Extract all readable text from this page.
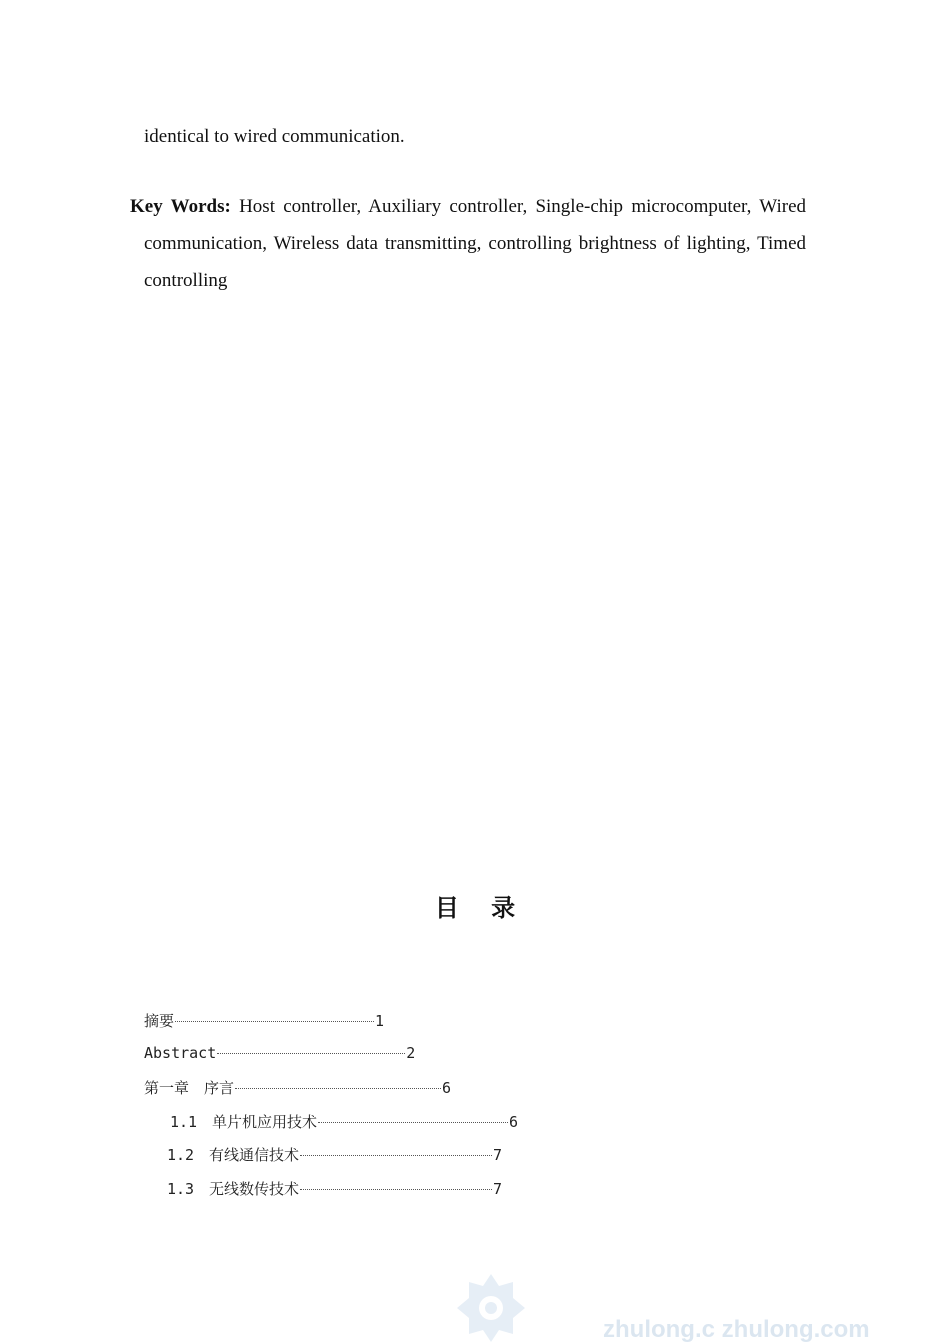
identical to wired communication.

Key Words: Host controller, Auxiliary controller, Single-chip microcomputer, Wired communication, Wireless data transmitting, controlling brightness of lighting, Timed controlling

目 录
摘要	1
Abstract	2
第一章　序言	6
1.1 单片机应用技术	6
1.2 有线通信技术	7
1.3 无线数传技术	7
zhulong.c zhulong.com
